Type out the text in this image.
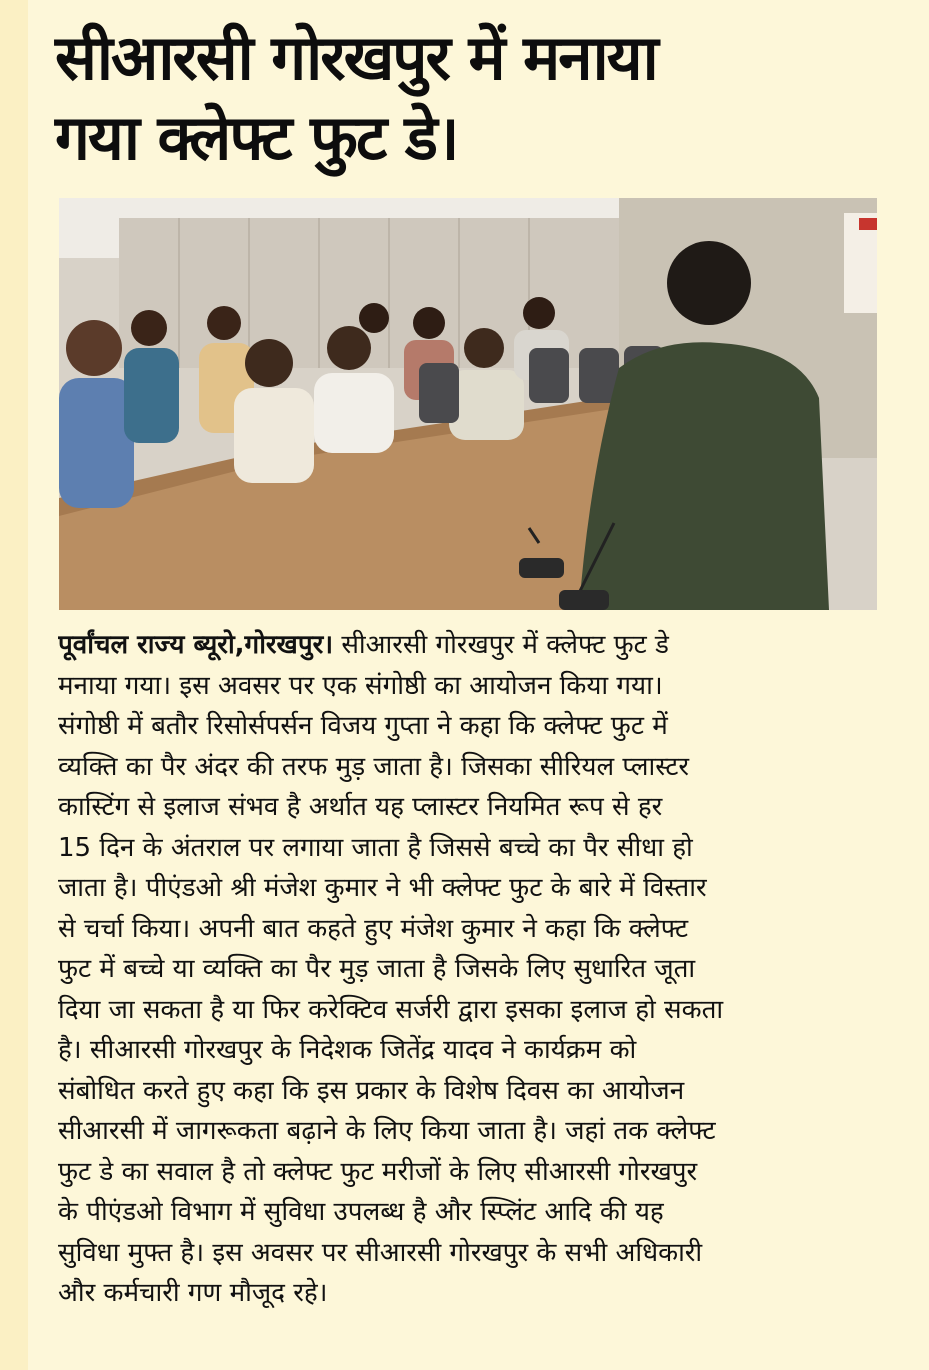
सीआरसी गोरखपुर में मनाया
गया क्लेफ्ट फुट डे।
पूर्वांचल राज्य ब्यूरो,गोरखपुर। सीआरसी गोरखपुर में क्लेफ्ट फुट डे
मनाया गया। इस अवसर पर एक संगोष्ठी का आयोजन किया गया।
संगोष्ठी में बतौर रिसोर्सपर्सन विजय गुप्ता ने कहा कि क्लेफ्ट फुट में
व्यक्ति का पैर अंदर की तरफ मुड़ जाता है। जिसका सीरियल प्लास्टर
कास्टिंग से इलाज संभव है अर्थात यह प्लास्टर नियमित रूप से हर
15 दिन के अंतराल पर लगाया जाता है जिससे बच्चे का पैर सीधा हो
जाता है। पीएंडओ श्री मंजेश कुमार ने भी क्लेफ्ट फुट के बारे में विस्तार
से चर्चा किया। अपनी बात कहते हुए मंजेश कुमार ने कहा कि क्लेफ्ट
फुट में बच्चे या व्यक्ति का पैर मुड़ जाता है जिसके लिए सुधारित जूता
दिया जा सकता है या फिर करेक्टिव सर्जरी द्वारा इसका इलाज हो सकता
है। सीआरसी गोरखपुर के निदेशक जितेंद्र यादव ने कार्यक्रम को
संबोधित करते हुए कहा कि इस प्रकार के विशेष दिवस का आयोजन
सीआरसी में जागरूकता बढ़ाने के लिए किया जाता है। जहां तक क्लेफ्ट
फुट डे का सवाल है तो क्लेफ्ट फुट मरीजों के लिए सीआरसी गोरखपुर
के पीएंडओ विभाग में सुविधा उपलब्ध है और स्प्लिंट आदि की यह
सुविधा मुफ्त है। इस अवसर पर सीआरसी गोरखपुर के सभी अधिकारी
और कर्मचारी गण मौजूद रहे।
